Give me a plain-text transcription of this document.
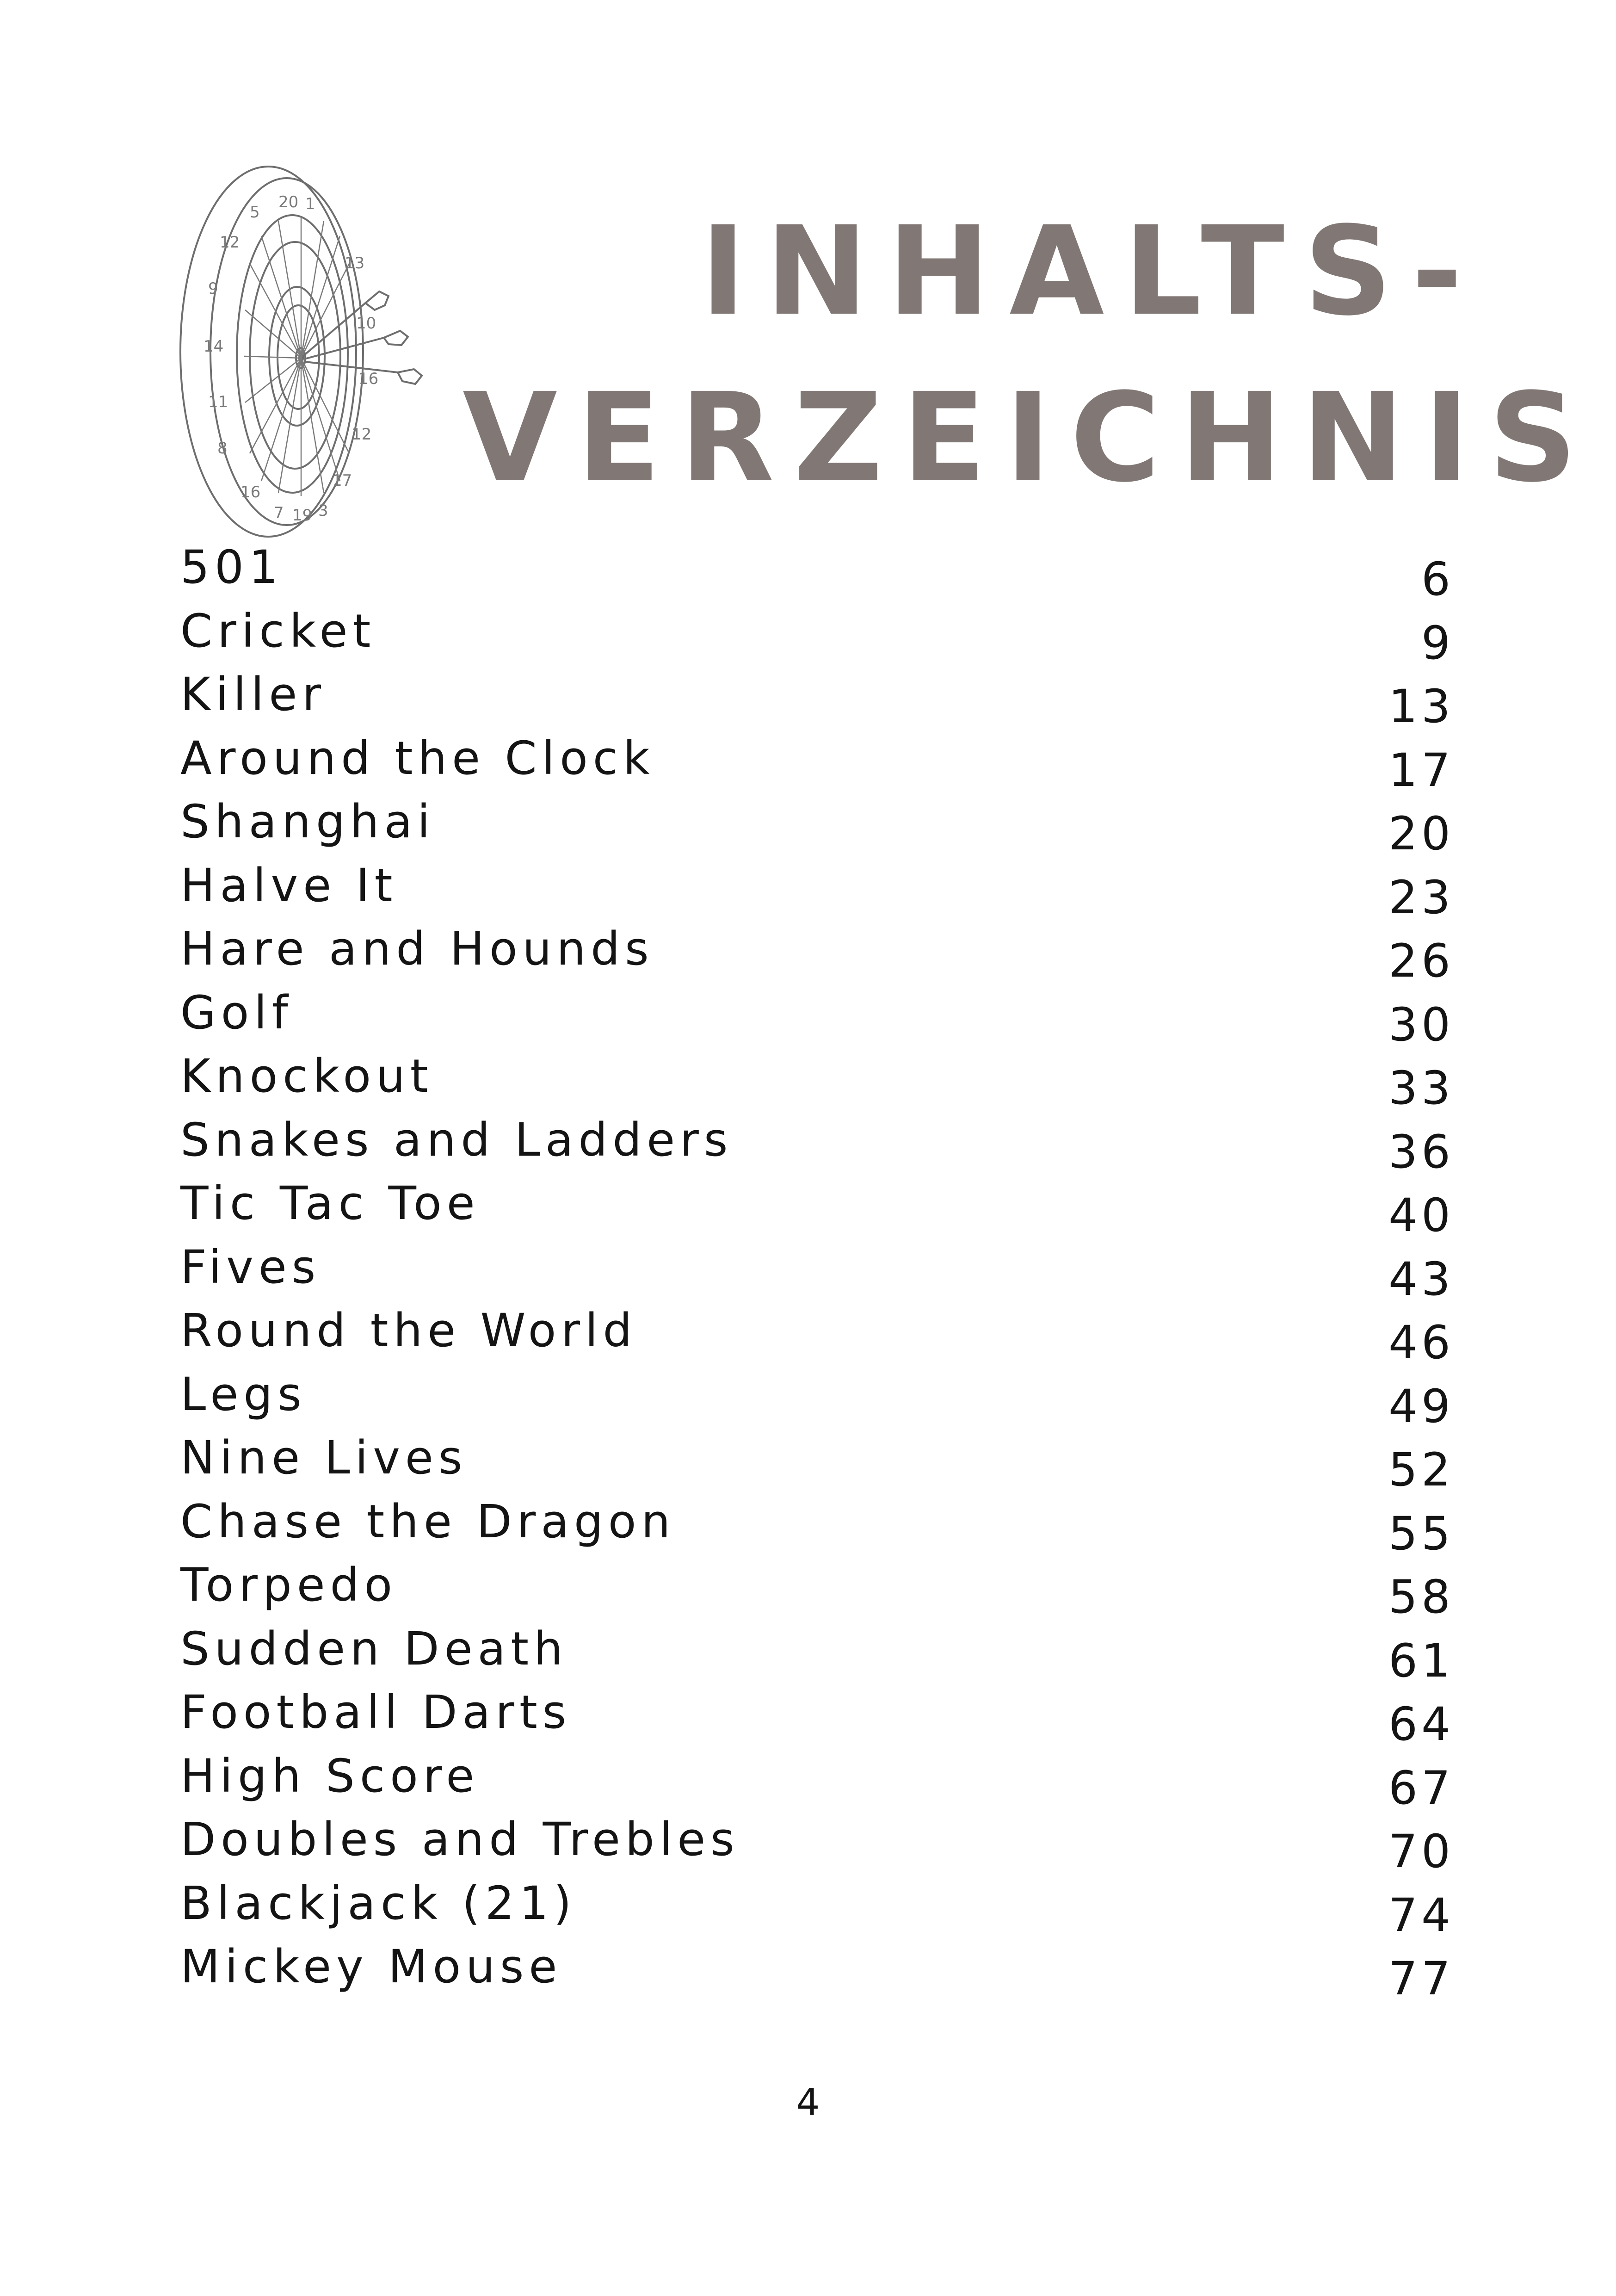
20 1
5
12
9
14
11
8
16
7 19 3
17
12
16
10
13	INHALTS-
VERZEICHNIS
501	6
Cricket	9
Killer	13
Around the Clock	17
Shanghai	20
Halve It	23
Hare and Hounds	26
Golf	30
Knockout	33
Snakes and Ladders	36
Tic Tac Toe	40
Fives	43
Round the World	46
Legs	49
Nine Lives	52
Chase the Dragon	55
Torpedo	58
Sudden Death	61
Football Darts	64
High Score	67
Doubles and Trebles	70
Blackjack (21)	74
Mickey Mouse	77
4
